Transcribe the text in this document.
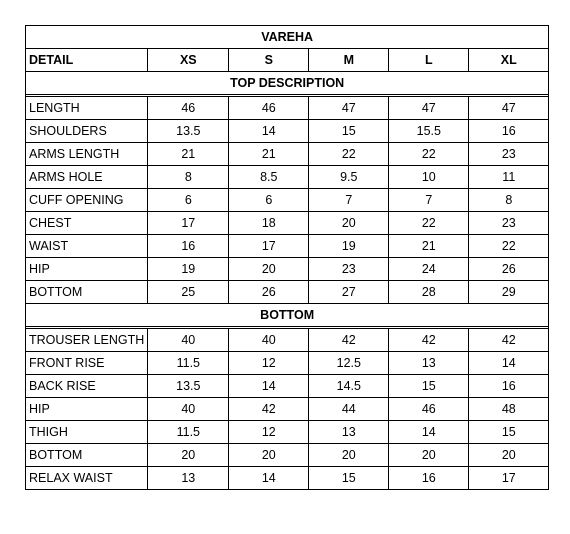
VAREHA					
DETAIL	XS	S	M	L	XL
TOP DESCRIPTION					

LENGTH	46	46	47	47	47
SHOULDERS	13.5	14	15	15.5	16
ARMS LENGTH	21	21	22	22	23
ARMS HOLE	8	8.5	9.5	10	11
CUFF OPENING	6	6	7	7	8
CHEST	17	18	20	22	23
WAIST	16	17	19	21	22
HIP	19	20	23	24	26
BOTTOM	25	26	27	28	29
BOTTOM					

TROUSER LENGTH	40	40	42	42	42
FRONT RISE	11.5	12	12.5	13	14
BACK RISE	13.5	14	14.5	15	16
HIP	40	42	44	46	48
THIGH	11.5	12	13	14	15
BOTTOM	20	20	20	20	20
RELAX WAIST	13	14	15	16	17
